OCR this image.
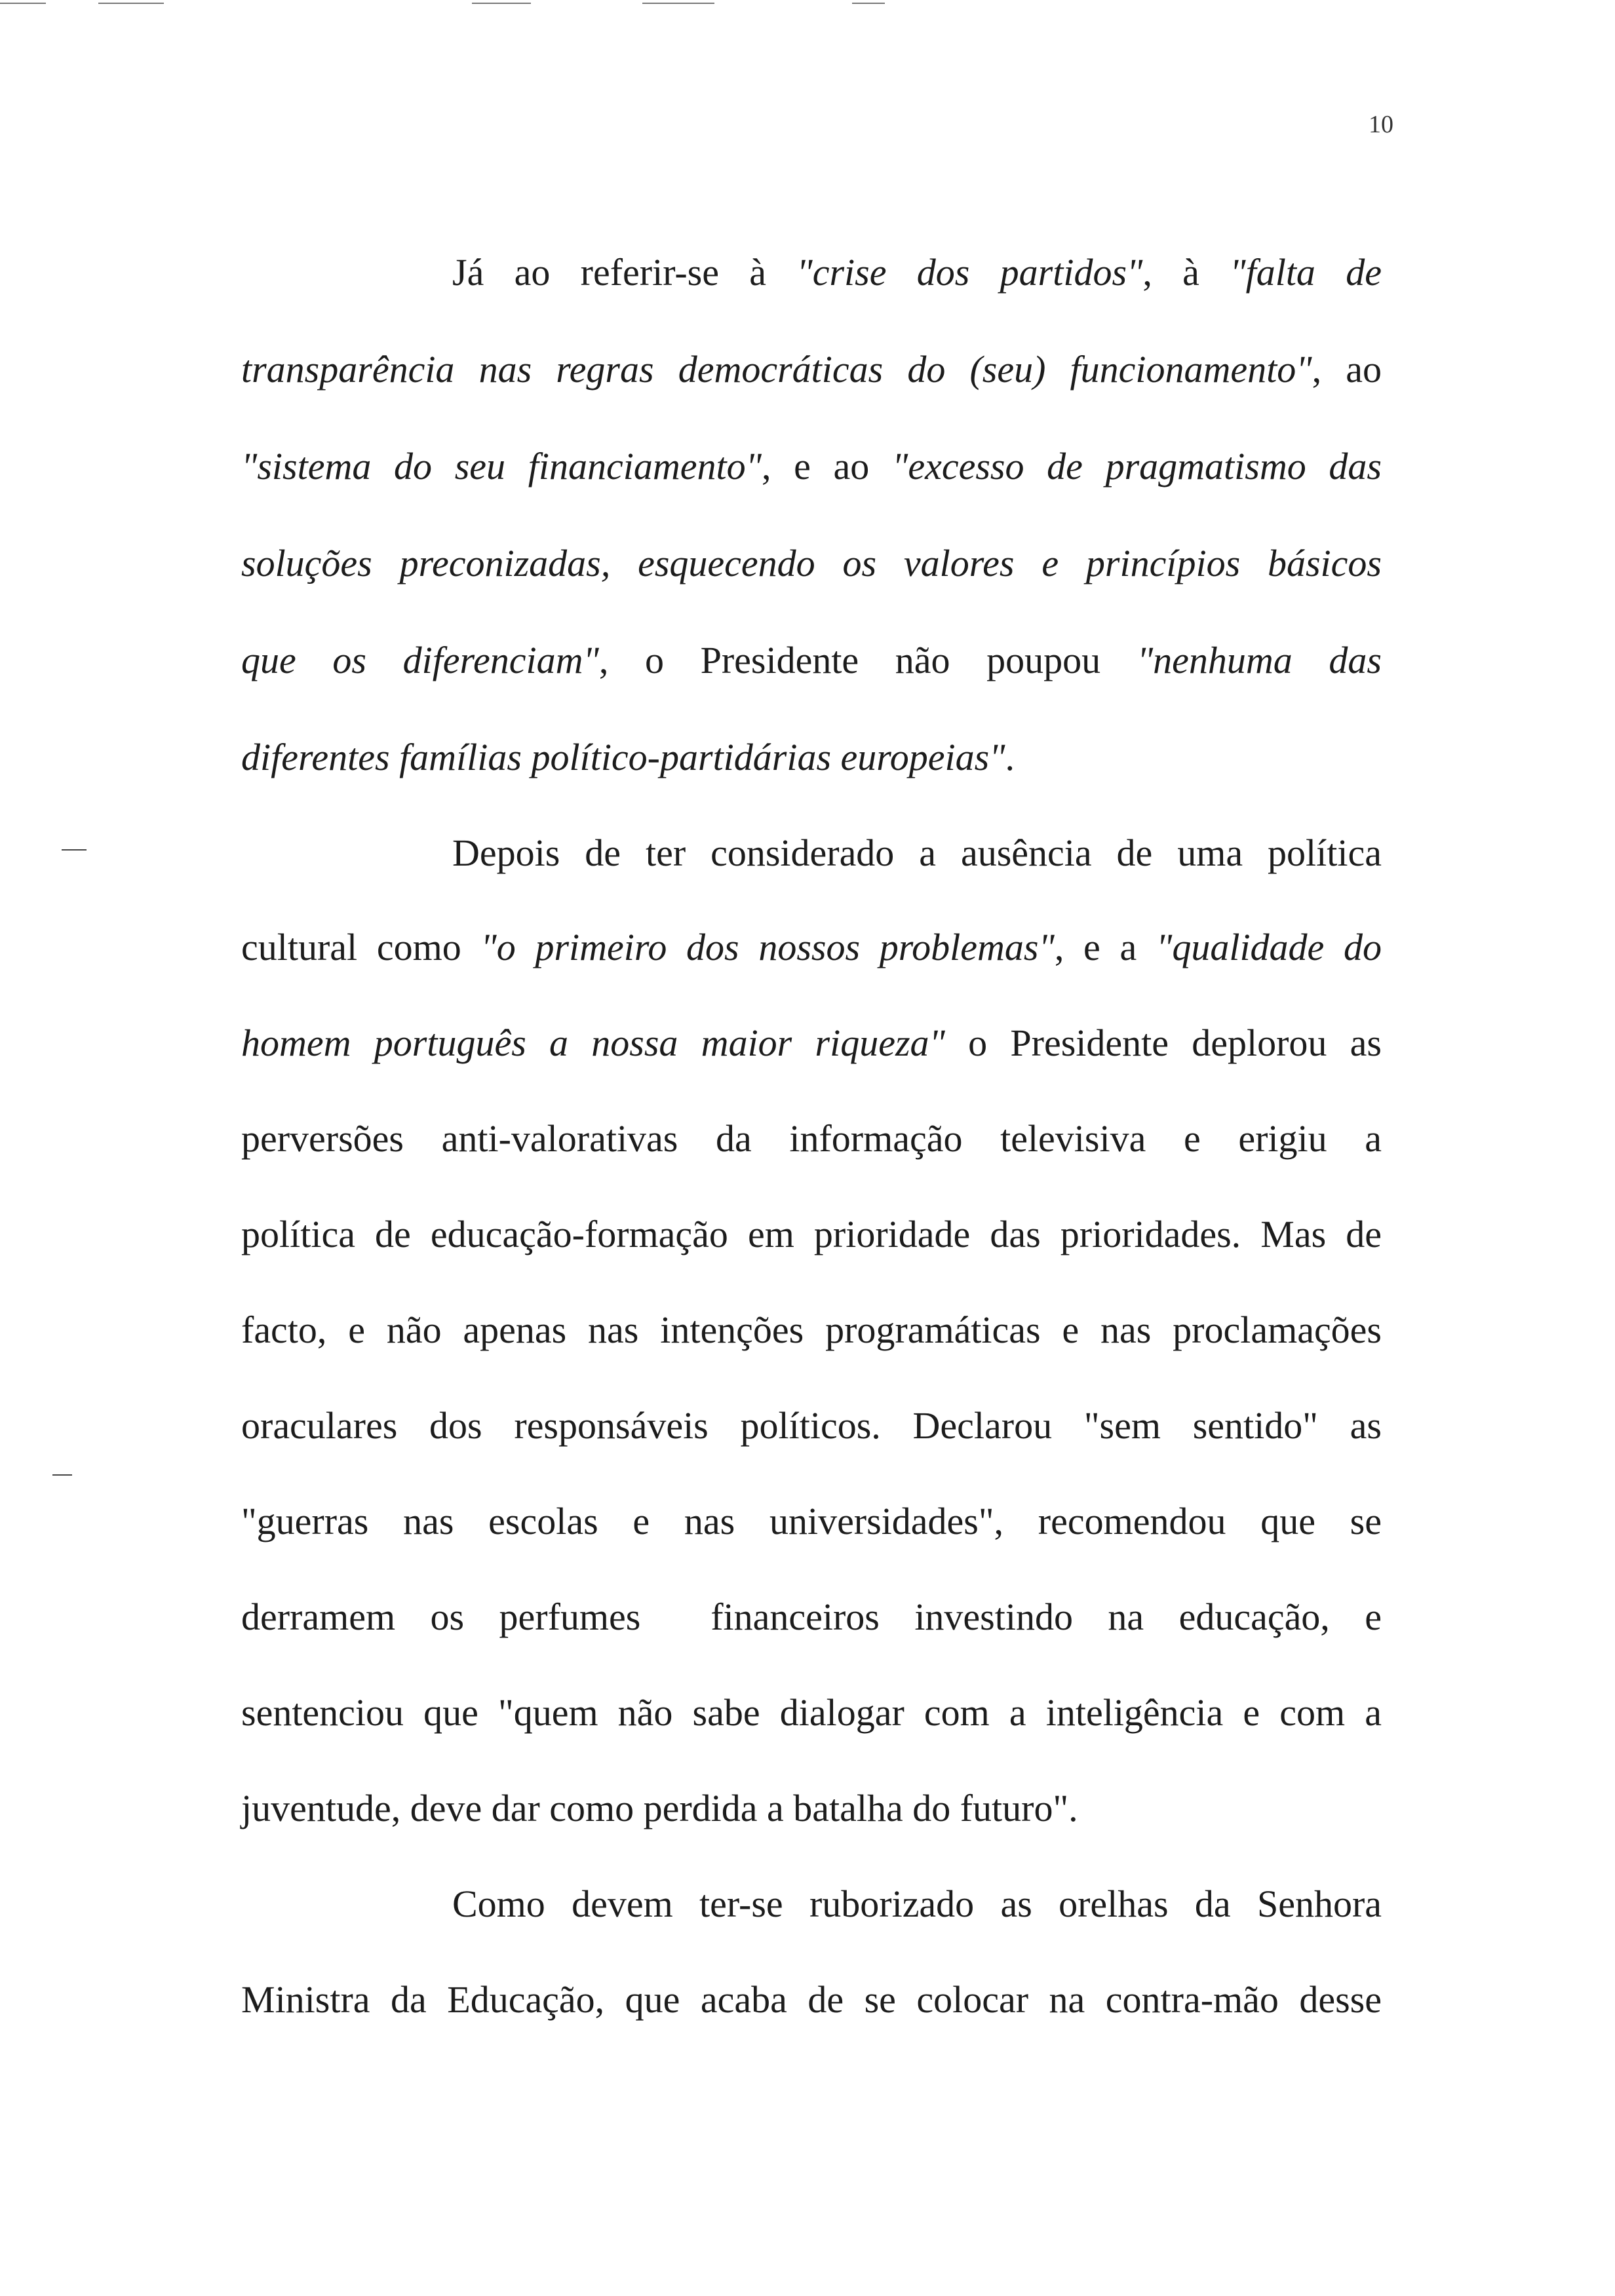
10
Já ao referir-se à "crise dos partidos", à "falta de
transparência nas regras democráticas do (seu) funcionamento", ao
"sistema do seu financiamento", e ao "excesso de pragmatismo das
soluções preconizadas, esquecendo os valores e princípios básicos
que os diferenciam", o Presidente não poupou "nenhuma das
diferentes famílias político-partidárias europeias".
Depois de ter considerado a ausência de uma política
cultural como "o primeiro dos nossos problemas", e a "qualidade do
homem português a nossa maior riqueza" o Presidente deplorou as
perversões anti-valorativas da informação televisiva e erigiu a
política de educação-formação em prioridade das prioridades. Mas de
facto, e não apenas nas intenções programáticas e nas proclamações
oraculares dos responsáveis políticos. Declarou "sem sentido" as
"guerras nas escolas e nas universidades", recomendou que se
derramem os perfumes  financeiros investindo na educação, e
sentenciou que "quem não sabe dialogar com a inteligência e com a
juventude, deve dar como perdida a batalha do futuro".
Como devem ter-se ruborizado as orelhas da Senhora
Ministra da Educação, que acaba de se colocar na contra-mão desse
